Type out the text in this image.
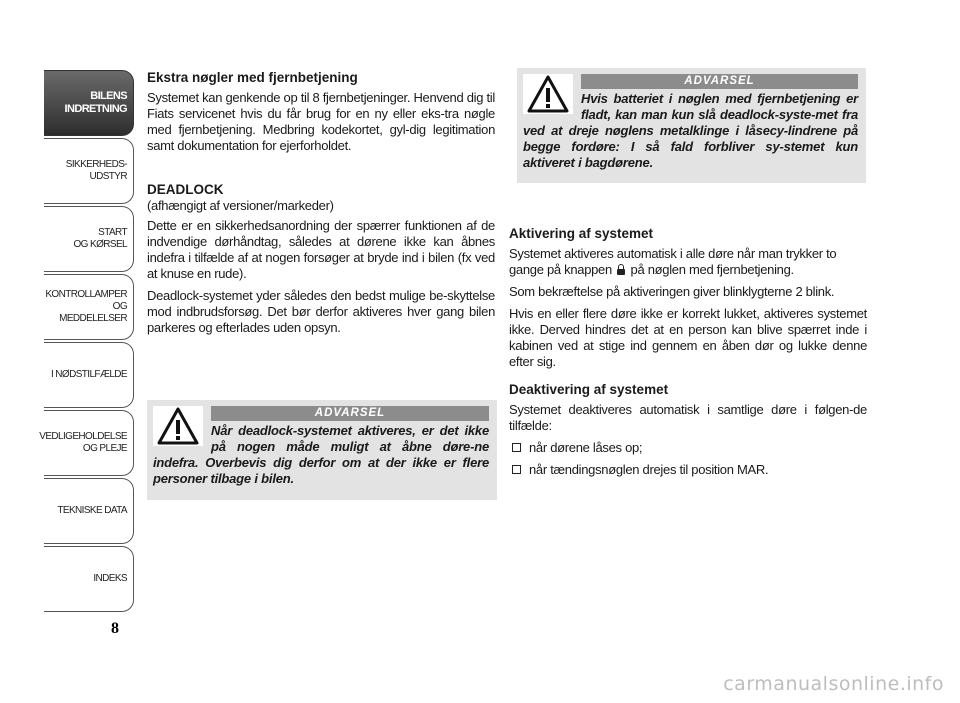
BILENS
INDRETNING
SIKKERHEDS-
UDSTYR
START
OG KØRSEL
KONTROLLAMPER
OG MEDDELELSER
I NØDSTILFÆLDE
VEDLIGEHOLDELSE
OG PLEJE
TEKNISKE DATA
INDEKS
8
Ekstra nøgler med fjernbetjening

Systemet kan genkende op til 8 fjernbetjeninger. Henvend dig til Fiats servicenet hvis du får brug for en ny eller eks-tra nøgle med fjernbetjening. Medbring kodekortet, gyl-dig legitimation samt dokumentation for ejerforholdet.

DEADLOCK

(afhængigt af versioner/markeder)

Dette er en sikkerhedsanordning der spærrer funktionen af de indvendige dørhåndtag, således at dørene ikke kan åbnes indefra i tilfælde af at nogen forsøger at bryde ind i bilen (fx ved at knuse en rude).

Deadlock-systemet yder således den bedst mulige be-skyttelse mod indbrudsforsøg. Det bør derfor aktiveres hver gang bilen parkeres og efterlades uden opsyn.

ADVARSEL
Når deadlock-systemet aktiveres, er det ikke på nogen måde muligt at åbne døre-ne indefra. Overbevis dig derfor om at der ikke er flere personer tilbage i bilen.
ADVARSEL
Hvis batteriet i nøglen med fjernbetjening er fladt, kan man kun slå deadlock-syste-met fra ved at dreje nøglens metalklinge i låsecy-lindrene på begge fordøre: I så fald forbliver sy-stemet kun aktiveret i bagdørene.
Aktivering af systemet

Systemet aktiveres automatisk i alle døre når man trykker to gange på knappen på nøglen med fjernbetjening.

Som bekræftelse på aktiveringen giver blinklygterne 2 blink.

Hvis en eller flere døre ikke er korrekt lukket, aktiveres systemet ikke. Derved hindres det at en person kan blive spærret inde i kabinen ved at stige ind gennem en åben dør og lukke denne efter sig.

Deaktivering af systemet

Systemet deaktiveres automatisk i samtlige døre i følgen-de tilfælde:

når dørene låses op;
når tændingsnøglen drejes til position MAR.
carmanualsonline.info
